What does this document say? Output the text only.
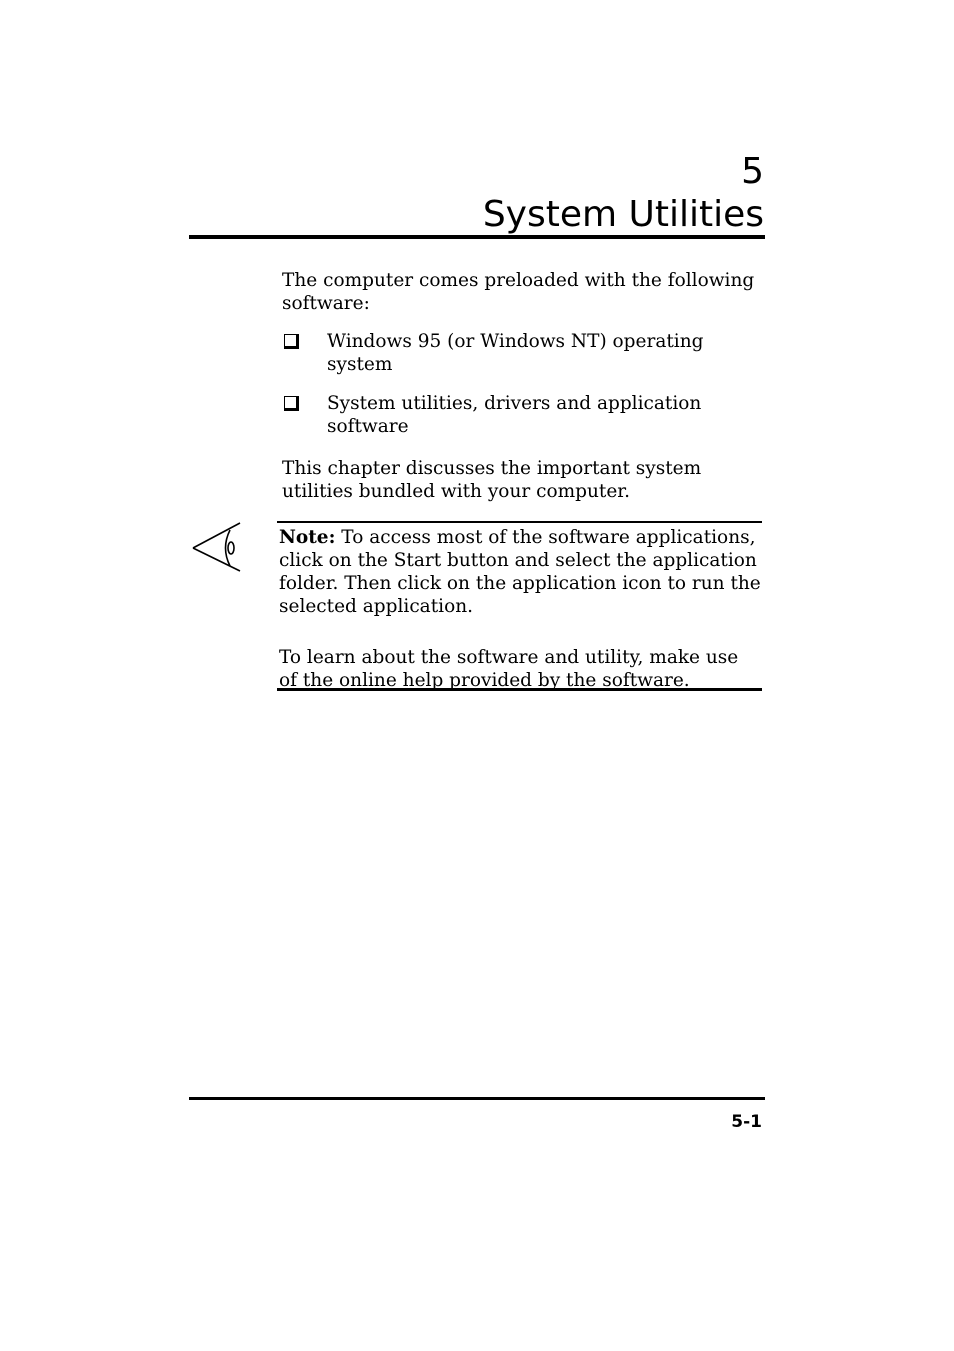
5
System Utilities

The computer comes preloaded with the following software:

Windows 95 (or Windows NT) operating system
System utilities, drivers and application software

This chapter discusses the important system utilities bundled with your computer.

Note: To access most of the software applications, click on the Start button and select the application folder. Then click on the application icon to run the selected application.

To learn about the software and utility, make use of the online help provided by the software.

5-1
